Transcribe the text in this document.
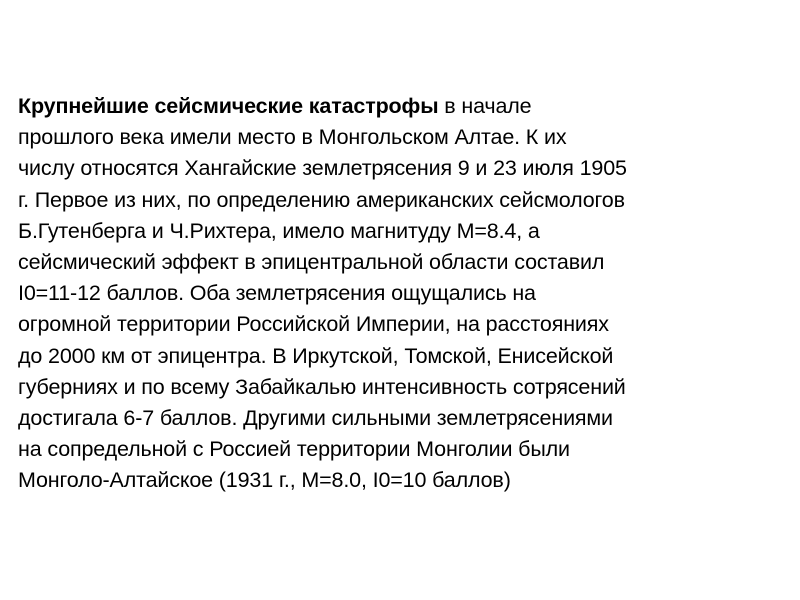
Крупнейшие сейсмические катастрофы в начале
прошлого века имели место в Монгольском Алтае. К их
числу относятся Хангайские землетрясения 9 и 23 июля 1905
г. Первое из них, по определению американских сейсмологов
Б.Гутенберга и Ч.Рихтера, имело магнитуду M=8.4, а
сейсмический эффект в эпицентральной области составил
I0=11-12 баллов. Оба землетрясения ощущались на
огромной территории Российской Империи, на расстояниях
до 2000 км от эпицентра. В Иркутской, Томской, Енисейской
губерниях и по всему Забайкалью интенсивность сотрясений
достигала 6-7 баллов. Другими сильными землетрясениями
на сопредельной с Россией территории Монголии были
Монголо-Алтайское (1931 г., M=8.0, I0=10 баллов)
